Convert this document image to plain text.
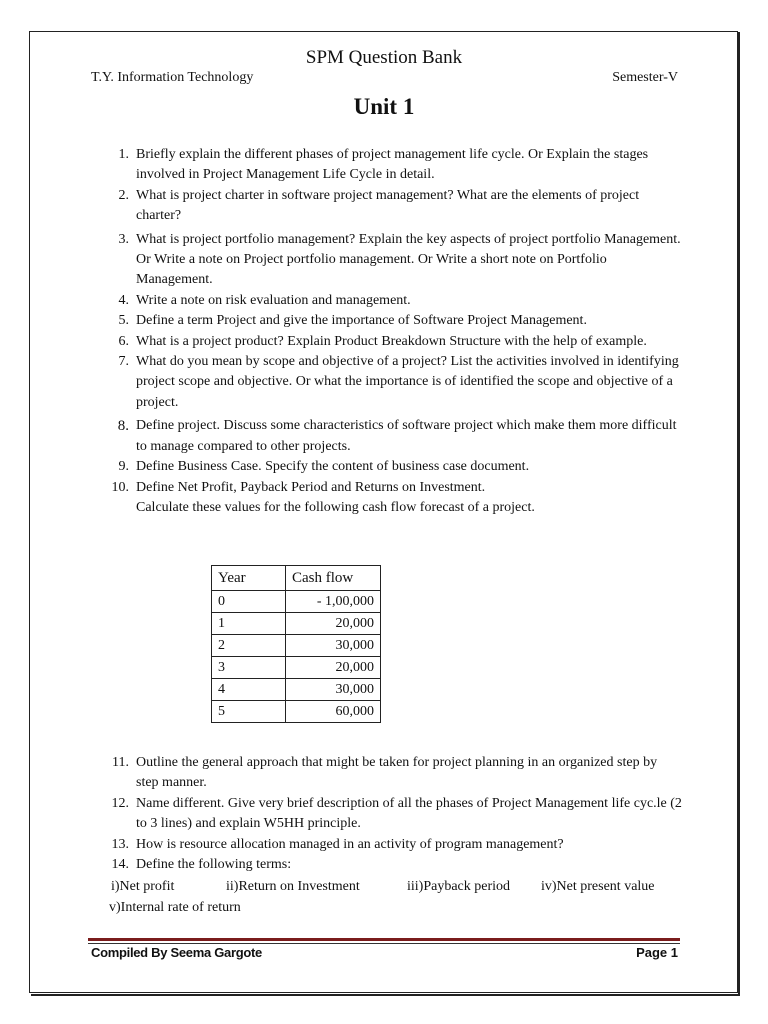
SPM Question Bank
T.Y. Information Technology	Semester-V
Unit 1
1. Briefly explain the different phases of project management life cycle. Or Explain the stages involved in Project Management Life Cycle in detail.
2. What is project charter in software project management? What are the elements of project charter?
3. What is project portfolio management? Explain the key aspects of project portfolio Management. Or Write a note on Project portfolio management. Or Write a short note on Portfolio Management.
4. Write a note on risk evaluation and management.
5. Define a term Project and give the importance of Software Project Management.
6. What is a project product? Explain Product Breakdown Structure with the help of example.
7. What do you mean by scope and objective of a project? List the activities involved in identifying project scope and objective. Or what the importance is of identified the scope and objective of a project.
8. Define project. Discuss some characteristics of software project which make them more difficult to manage compared to other projects.
9. Define Business Case. Specify the content of business case document.
10. Define Net Profit, Payback Period and Returns on Investment.
Calculate these values for the following cash flow forecast of a project.
Year	Cash flow
0	- 1,00,000
1	20,000
2	30,000
3	20,000
4	30,000
5	60,000
11. Outline the general approach that might be taken for project planning in an organized step by step manner.
12. Name different. Give very brief description of all the phases of Project Management life cyc.le (2 to 3 lines) and explain W5HH principle.
13. How is resource allocation managed in an activity of program management?
14. Define the following terms:
i)Net profit	ii)Return on Investment	iii)Payback period iv)Net present value
v)Internal rate of return
Compiled By Seema Gargote	Page 1
